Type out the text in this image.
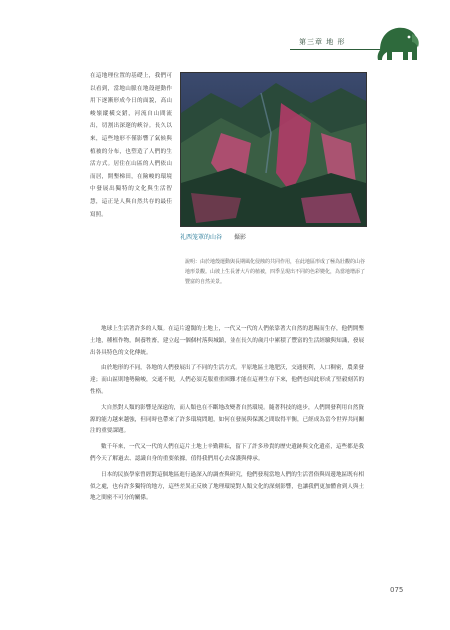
第三章 地 形
在這地理位置的基礎上，我們可以看到，當地山脈在地殼運動作用下逐漸形成今日的面貌，高山峻嶺縱橫交錯，河流自山間流出，切割出深邃的峽谷。長久以來，這些地形不僅影響了氣候與植被的分布，也塑造了人們的生活方式。居住在山區的人們依山而居，開墾梯田，在險峻的環境中發展出獨特的文化與生活智慧，這正是人與自然共存的最佳寫照。
礼西笼罩的山谷 攝影
說明：由於地殼運動與長期風化侵蝕的共同作用，在此地區形成了極為壯觀的山谷地形景觀。山坡上生長著大片的植被，四季呈現出不同的色彩變化，為當地增添了豐富的自然美景。

地球上生活著許多的人類。在這片遼闊的土地上，一代又一代的人們依靠著大自然的恩賜而生存，他們開墾土地，種植作物，飼養牲畜，建立起一個個村落與城鎮，並在長久的歲月中累積了豐富的生活經驗與知識，發展出各具特色的文化傳統。

由於地形的不同，各地的人們發展出了不同的生活方式。平原地區土地肥沃，交通便利，人口稠密，農業發達；而山區則地勢險峻，交通不便，人們必須克服重重困難才能在這裡生存下來，他們也因此形成了堅毅刻苦的性格。

大自然對人類的影響是深遠的，而人類也在不斷地改變著自然環境。隨著科技的進步，人們開發利用自然資源的能力越來越強，但同時也帶來了許多環境問題，如何在發展與保護之間取得平衡，已經成為當今世界共同關注的重要課題。

數千年來，一代又一代的人們在這片土地上辛勤耕耘，留下了許多珍貴的歷史遺跡與文化遺產，這些都是我們今天了解過去、認識自身的重要依據，值得我們用心去保護與傳承。

日本的民族學家曾經對這個地區進行過深入的調查與研究，他們發現當地人們的生活習俗與周邊地區既有相似之處，也有許多獨特的地方，這些差異正反映了地理環境對人類文化的深刻影響，也讓我們更加體會到人與土地之間密不可分的關係。

075
